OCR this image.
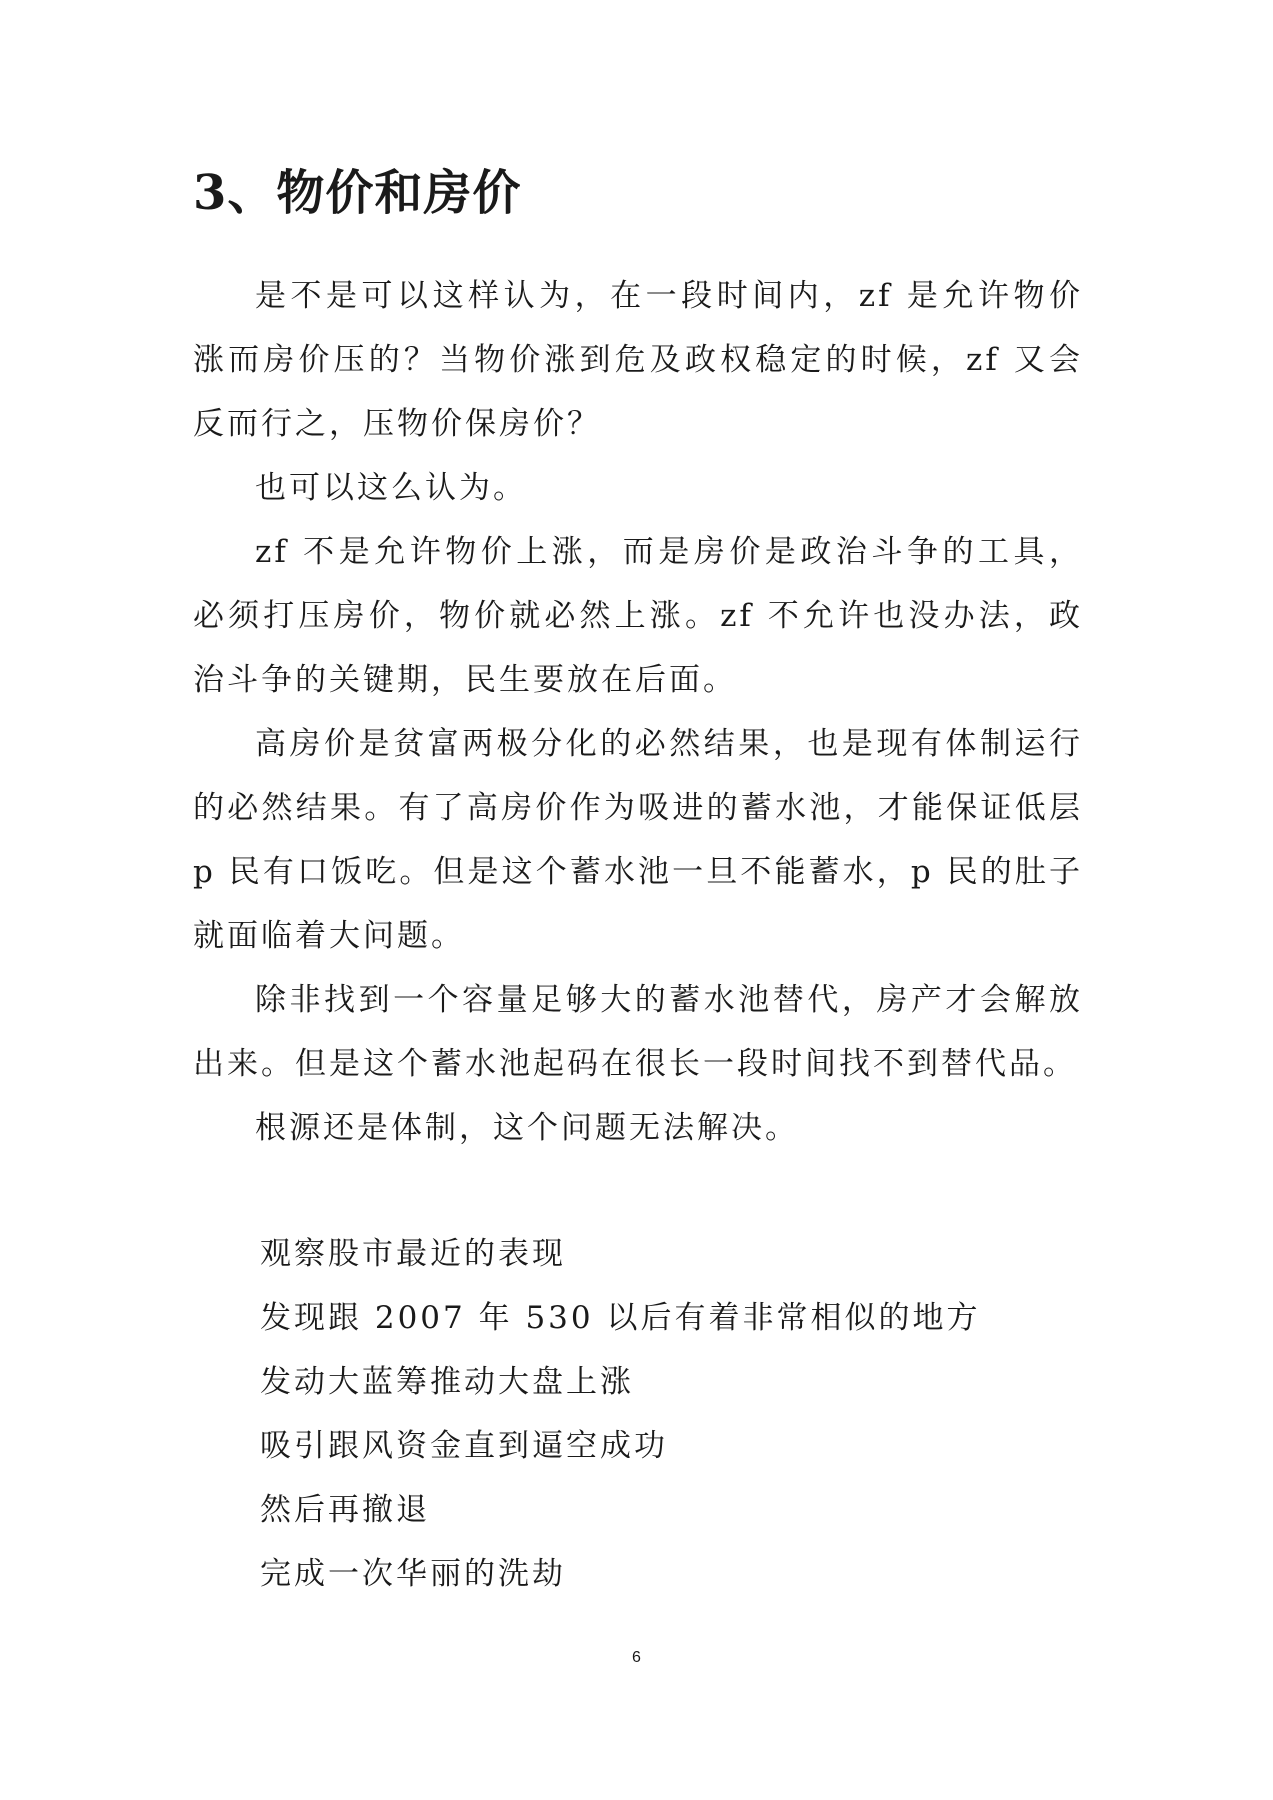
3、物价和房价

是不是可以这样认为，在一段时间内，zf 是允许物价涨而房价压的？当物价涨到危及政权稳定的时候，zf 又会反而行之，压物价保房价？

也可以这么认为。

zf 不是允许物价上涨，而是房价是政治斗争的工具，必须打压房价，物价就必然上涨。zf 不允许也没办法，政治斗争的关键期，民生要放在后面。

高房价是贫富两极分化的必然结果，也是现有体制运行的必然结果。有了高房价作为吸进的蓄水池，才能保证低层 p 民有口饭吃。但是这个蓄水池一旦不能蓄水，p 民的肚子就面临着大问题。

除非找到一个容量足够大的蓄水池替代，房产才会解放出来。但是这个蓄水池起码在很长一段时间找不到替代品。

根源还是体制，这个问题无法解决。

观察股市最近的表现
发现跟 2007 年 530 以后有着非常相似的地方
发动大蓝筹推动大盘上涨
吸引跟风资金直到逼空成功
然后再撤退
完成一次华丽的洗劫
6
